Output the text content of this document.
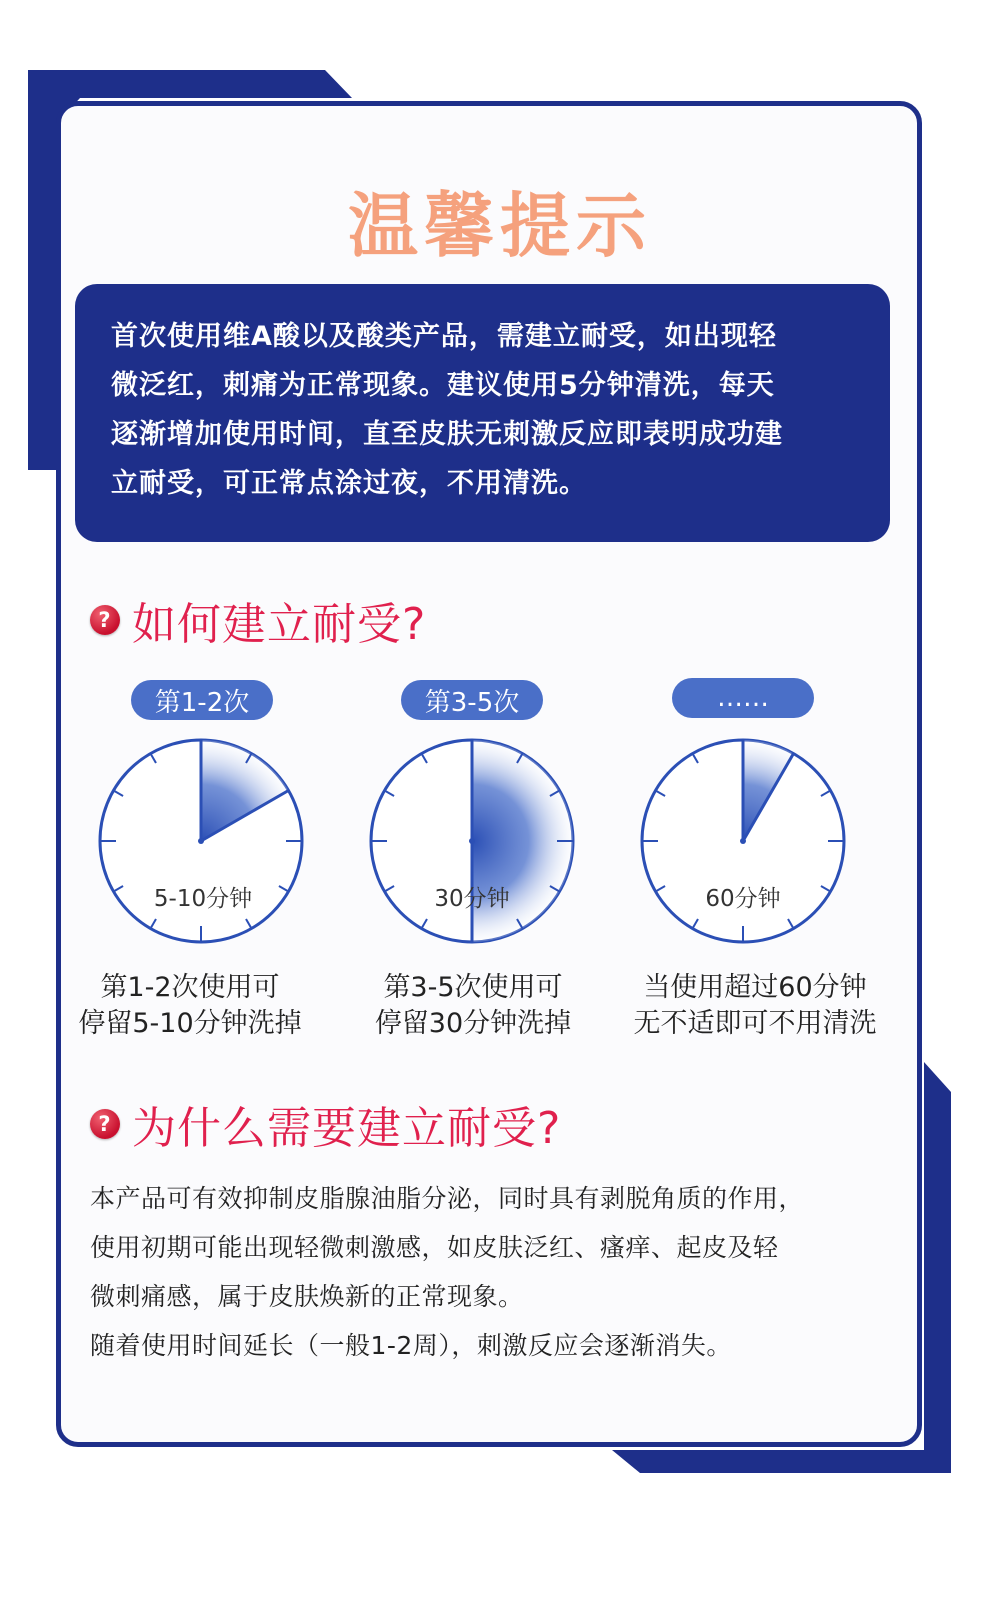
温馨提示
首次使用维A酸以及酸类产品，需建立耐受，如出现轻
微泛红，刺痛为正常现象。建议使用5分钟清洗，每天
逐渐增加使用时间，直至皮肤无刺激反应即表明成功建
立耐受，可正常点涂过夜，不用清洗。
? 如何建立耐受?
第1-2次	第3-5次	……
5-10分钟	30分钟	60分钟
第1-2次使用可
停留5-10分钟洗掉
第3-5次使用可
停留30分钟洗掉
当使用超过60分钟
无不适即可不用清洗
? 为什么需要建立耐受?
本产品可有效抑制皮脂腺油脂分泌，同时具有剥脱角质的作用，
使用初期可能出现轻微刺激感，如皮肤泛红、瘙痒、起皮及轻
微刺痛感，属于皮肤焕新的正常现象。
随着使用时间延长（一般1-2周），刺激反应会逐渐消失。
